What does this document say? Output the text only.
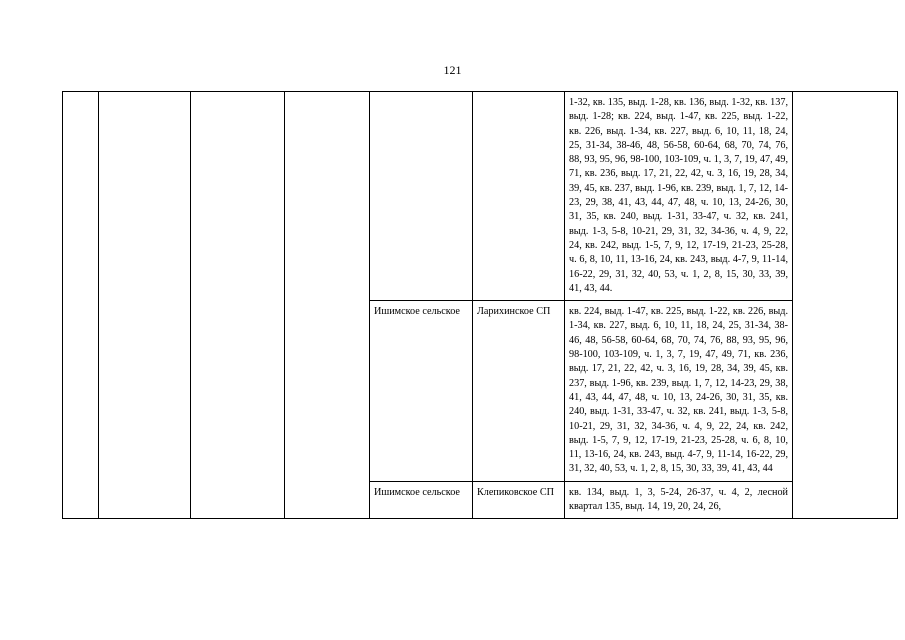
121
						1-32, кв. 135, выд. 1-28, кв. 136, выд. 1-32, кв. 137, выд. 1-28; кв. 224, выд. 1-47, кв. 225, выд. 1-22, кв. 226, выд. 1-34, кв. 227, выд. 6, 10, 11, 18, 24, 25, 31-34, 38-46, 48, 56-58, 60-64, 68, 70, 74, 76, 88, 93, 95, 96, 98-100, 103-109, ч. 1, 3, 7, 19, 47, 49, 71, кв. 236, выд. 17, 21, 22, 42, ч. 3, 16, 19, 28, 34, 39, 45, кв. 237, выд. 1-96, кв. 239, выд. 1, 7, 12, 14-23, 29, 38, 41, 43, 44, 47, 48, ч. 10, 13, 24-26, 30, 31, 35, кв. 240, выд. 1-31, 33-47, ч. 32, кв. 241, выд. 1-3, 5-8, 10-21, 29, 31, 32, 34-36, ч. 4, 9, 22, 24, кв. 242, выд. 1-5, 7, 9, 12, 17-19, 21-23, 25-28, ч. 6, 8, 10, 11, 13-16, 24, кв. 243, выд. 4-7, 9, 11-14, 16-22, 29, 31, 32, 40, 53, ч. 1, 2, 8, 15, 30, 33, 39, 41, 43, 44.	
				Ишимское сельское	Ларихинское СП	кв. 224, выд. 1-47, кв. 225, выд. 1-22, кв. 226, выд. 1-34, кв. 227, выд. 6, 10, 11, 18, 24, 25, 31-34, 38-46, 48, 56-58, 60-64, 68, 70, 74, 76, 88, 93, 95, 96, 98-100, 103-109, ч. 1, 3, 7, 19, 47, 49, 71, кв. 236, выд. 17, 21, 22, 42, ч. 3, 16, 19, 28, 34, 39, 45, кв. 237, выд. 1-96, кв. 239, выд. 1, 7, 12, 14-23, 29, 38, 41, 43, 44, 47, 48, ч. 10, 13, 24-26, 30, 31, 35, кв. 240, выд. 1-31, 33-47, ч. 32, кв. 241, выд. 1-3, 5-8, 10-21, 29, 31, 32, 34-36, ч. 4, 9, 22, 24, кв. 242, выд. 1-5, 7, 9, 12, 17-19, 21-23, 25-28, ч. 6, 8, 10, 11, 13-16, 24, кв. 243, выд. 4-7, 9, 11-14, 16-22, 29, 31, 32, 40, 53, ч. 1, 2, 8, 15, 30, 33, 39, 41, 43, 44	
				Ишимское сельское	Клепиковское СП	кв. 134, выд. 1, 3, 5-24, 26-37, ч. 4, 2, лесной квартал 135, выд. 14, 19, 20, 24, 26,	
